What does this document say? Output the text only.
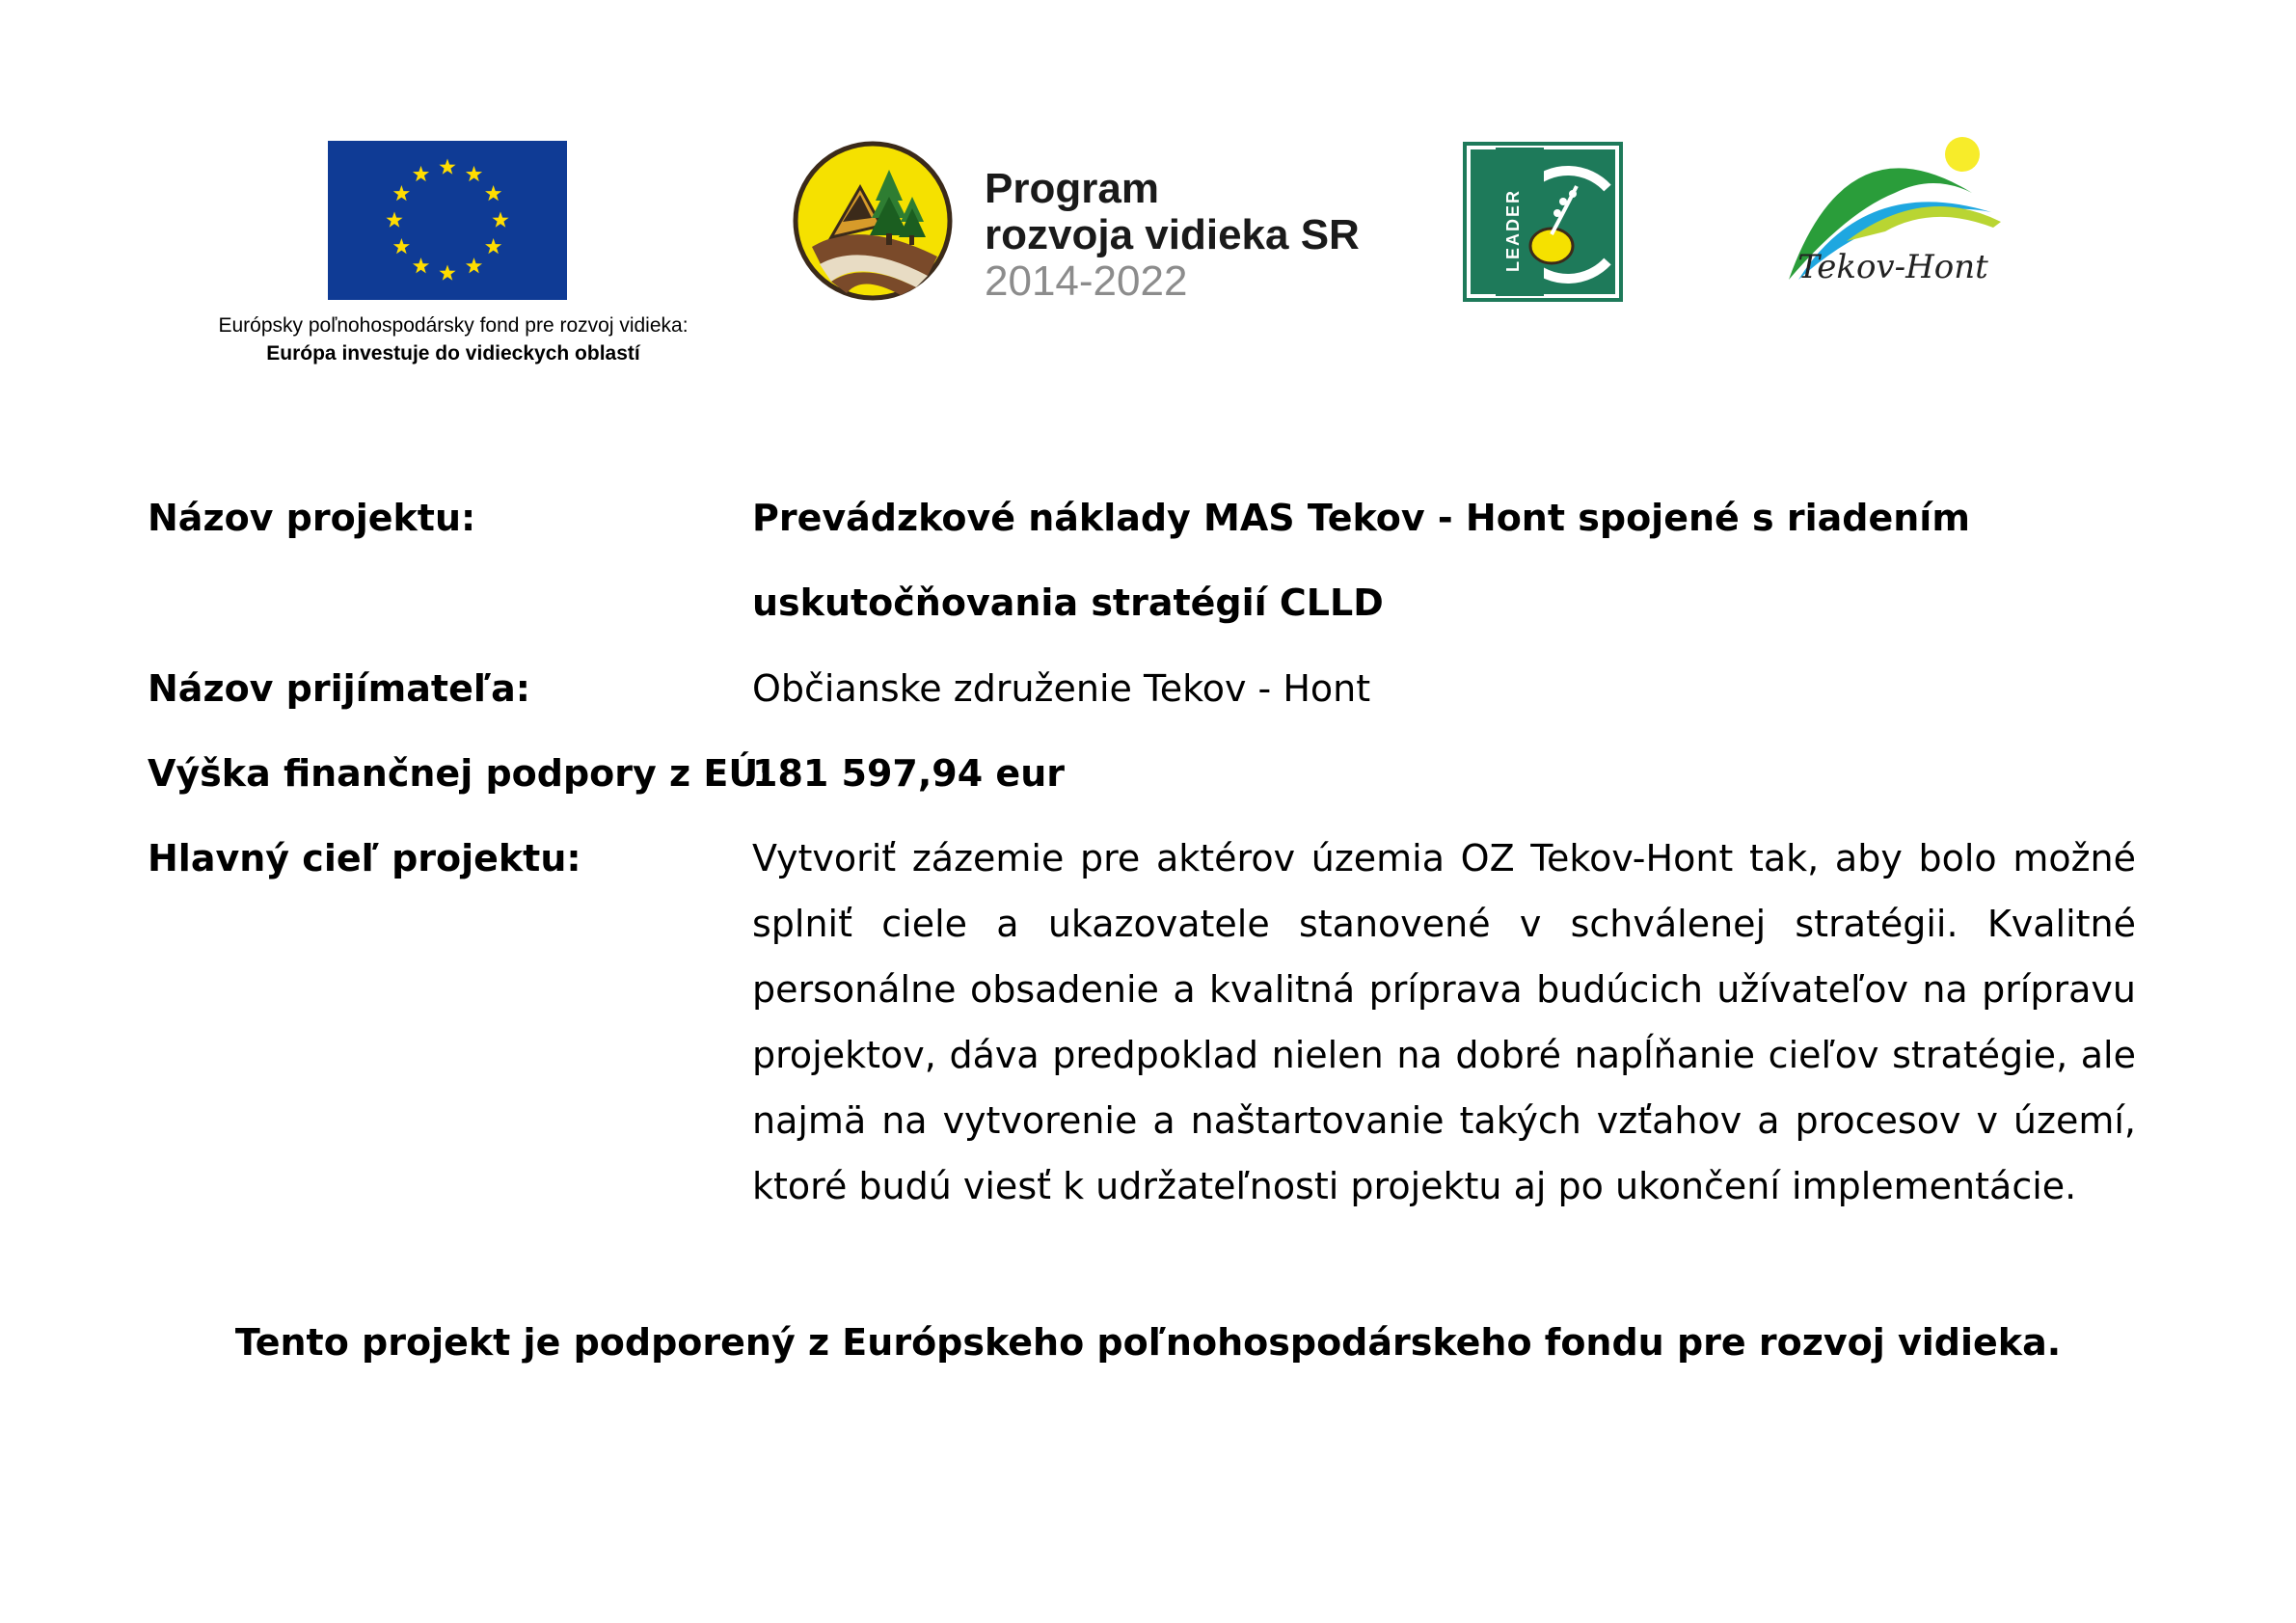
Európsky poľnohospodársky fond pre rozvoj vidieka:
Európa investuje do vidieckych oblastí
Program
rozvoja vidieka SR
2014-2022
LEADER	Tekov-Hont
Názov projektu:	Prevádzkové náklady MAS Tekov - Hont spojené s riadením uskutočňovania stratégií CLLD
Názov prijímateľa:	Občianske združenie Tekov - Hont
Výška finančnej podpory z EÚ:
181 597,94 eur
Hlavný cieľ projektu:	Vytvoriť zázemie pre aktérov územia OZ Tekov-Hont tak, aby bolo možné splniť ciele a ukazovatele stanovené v schválenej stratégii. Kvalitné personálne obsadenie a kvalitná príprava budúcich užívateľov na prípravu projektov, dáva predpoklad nielen na dobré napĺňanie cieľov stratégie, ale najmä na vytvorenie a naštartovanie takých vzťahov a procesov v území, ktoré budú viesť k udržateľnosti projektu aj po ukončení implementácie.
Tento projekt je podporený z Európskeho poľnohospodárskeho fondu pre rozvoj vidieka.
